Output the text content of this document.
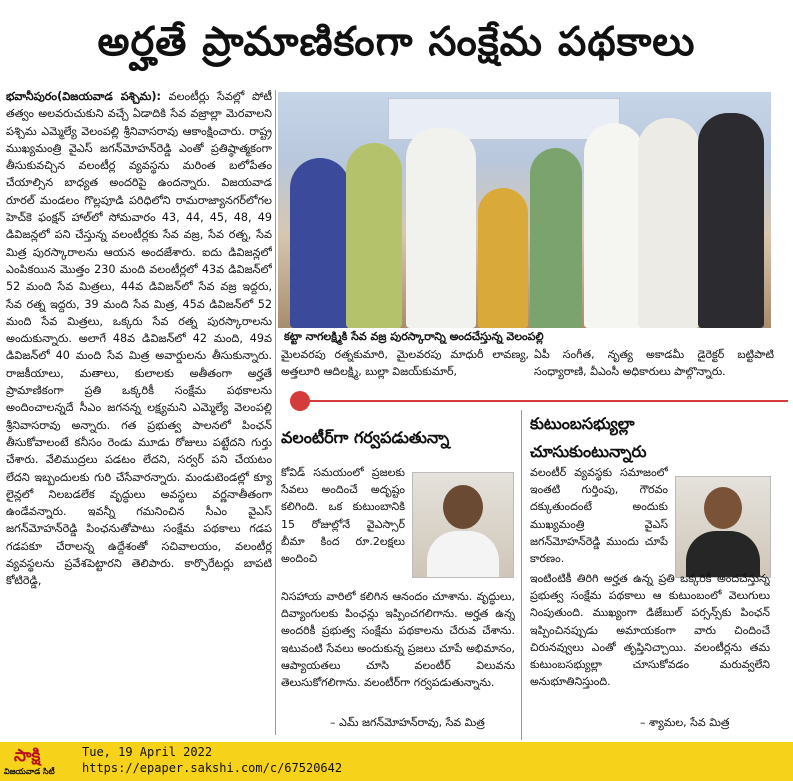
అర్హతే ప్రామాణికంగా సంక్షేమ పథకాలు
భవానీపురం(విజయవాడ పశ్చిమ): వలంటీర్లు సేవల్లో పోటీ తత్వం అలవరుచుకుని వచ్చే ఏడాదికి సేవ వజ్రాల్లా మెరవాలని పశ్చిమ ఎమ్మెల్యే వెలంపల్లి శ్రీనివాసరావు ఆకాంక్షించారు. రాష్ట్ర ముఖ్యమంత్రి వైఎస్ జగన్‌మోహన్‌రెడ్డి ఎంతో ప్రతిష్ఠాత్మకంగా తీసుకువచ్చిన వలంటీర్ల వ్యవస్థను మరింత బలోపేతం చేయాల్సిన బాధ్యత అందరిపై ఉందన్నారు. విజయవాడ రూరల్ మండలం గొల్లపూడి పరిధిలోని రామరాజ్యానగర్‌లోగల హెచ్‌కె ఫంక్షన్ హాల్‌లో సోమవారం 43, 44, 45, 48, 49 డివిజన్లలో పని చేస్తున్న వలంటీర్లకు సేవ వజ్ర, సేవ రత్న, సేవ మిత్ర పురస్కారాలను ఆయన అందజేశారు. ఐదు డివిజన్లలో ఎంపికయిన మొత్తం 230 మంది వలంటీర్లలో 43వ డివిజన్‌లో 52 మంది సేవ మిత్రలు, 44వ డివిజన్‌లో సేవ వజ్ర ఇద్దరు, సేవ రత్న ఇద్దరు, 39 మంది సేవ మిత్ర, 45వ డివిజన్‌లో 52 మంది సేవ మిత్రలు, ఒక్కరు సేవ రత్న పురస్కారాలను అందుకున్నారు. అలాగే 48వ డివిజన్‌లో 42 మంది, 49వ డివిజన్‌లో 40 మంది సేవ మిత్ర అవార్డులను తీసుకున్నారు. రాజకీయాలు, మతాలు, కులాలకు అతీతంగా అర్హతే ప్రామాణికంగా ప్రతి ఒక్కరికీ సంక్షేమ పథకాలను అందించాలన్నదే సీఎం జగనన్న లక్ష్యమని ఎమ్మెల్యే వెలంపల్లి శ్రీనివాసరావు అన్నారు. గత ప్రభుత్వ పాలనలో పింఛన్ తీసుకోవాలంటే కనీసం రెండు మూడు రోజులు పట్టేదని గుర్తు చేశారు. వేలిముద్రలు పడటం లేదని, సర్వర్ పని చేయటం లేదని ఇబ్బందులకు గురి చేసేవారన్నారు. మండుటెండల్లో క్యూ లైన్లలో నిలబడలేక వృద్ధులు అవస్థలు వర్ణనాతీతంగా ఉండేవన్నారు. ఇవన్నీ గమనించిన సీఎం వైఎస్ జగన్‌మోహన్‌రెడ్డి పింఛనుతోపాటు సంక్షేమ పథకాలు గడప గడపకూ చేరాలన్న ఉద్దేశంతో సచివాలయం, వలంటీర్ల వ్యవస్థలను ప్రవేశపెట్టారని తెలిపారు. కార్పొరేటర్లు బాపటి కోటిరెడ్డి,
కట్టా నాగలక్ష్మికి సేవ వజ్ర పురస్కారాన్ని అందచేస్తున్న వెలంపల్లి
మైలవరపు రత్నకుమారి, మైలవరపు మాధురీ లావణ్య, అత్తలూరి ఆదిలక్ష్మి, బుల్లా విజయ్‌కుమార్,
ఏపీ సంగీత, నృత్య అకాడమీ డైరెక్టర్ బట్టిపాటి సంధ్యారాణి, వీఎంసీ అధికారులు పాల్గొన్నారు.
వలంటీర్‌గా గర్వపడుతున్నా
కోవిడ్ సమయంలో ప్రజలకు సేవలు అందించే అదృష్టం కలిగింది. ఒక కుటుంబానికి 15 రోజుల్లోనే వైఎస్సార్ బీమా కింద రూ.2లక్షలు అందించి
నిసహాయ వారిలో కలిగిన ఆనందం చూశాను. వృద్ధులు, దివ్యాంగులకు పింఛన్లు ఇప్పించగలిగాను. అర్హత ఉన్న అందరికీ ప్రభుత్వ సంక్షేమ పథకాలను చేరువ చేశాను. ఇటువంటి సేవలు అందుకున్న ప్రజలు చూపే అభిమానం, ఆప్యాయతలు చూసి వలంటీర్ విలువను తెలుసుకోగలిగాను. వలంటీర్‌గా గర్వపడుతున్నాను.
– ఎమ్ జగన్‌మోహన్‌రావు, సేవ మిత్ర
కుటుంబసభ్యుల్లా
చూసుకుంటున్నారు
వలంటీర్ వ్యవస్థకు సమాజంలో ఇంతటి గుర్తింపు, గౌరవం దక్కుతుందంటే అందుకు ముఖ్యమంత్రి వైఎస్ జగన్‌మోహన్‌రెడ్డి ముందు చూపే కారణం.
ఇంటింటికీ తిరిగి అర్హత ఉన్న ప్రతి ఒక్కరికీ అందచేస్తున్న ప్రభుత్వ సంక్షేమ పథకాలు ఆ కుటుంబంలో వెలుగులు నింపుతుంది. ముఖ్యంగా డిజేబుల్ పర్సన్స్‌కు పింఛన్ ఇప్పించినప్పుడు అమాయకంగా వారు చిందించే చిరునవ్వులు ఎంతో తృప్తినిచ్చాయి. వలంటీర్లను తమ కుటుంబసభ్యుల్లా చూసుకోవడం మరువ్వలేని అనుభూతినిస్తుంది.
– శ్యామల, సేవ మిత్ర
సాక్షి
విజయవాడ సిటీ
Tue, 19 April 2022
https://epaper.sakshi.com/c/67520642
